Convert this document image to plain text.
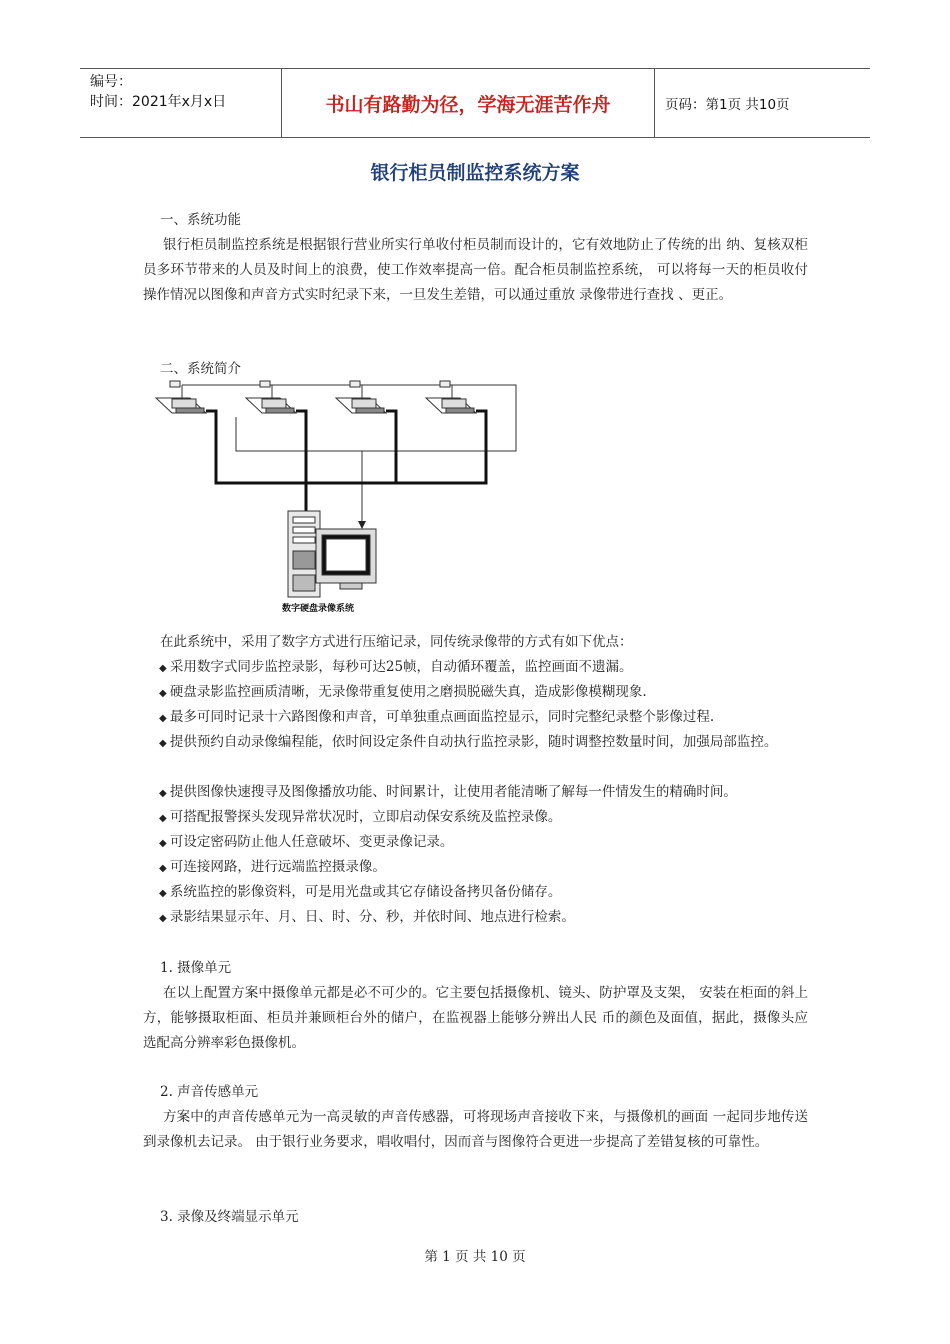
编号：
时间：2021年x月x日	书山有路勤为径，学海无涯苦作舟	页码：第1页 共10页
银行柜员制监控系统方案
一、系统功能
银行柜员制监控系统是根据银行营业所实行单收付柜员制而设计的，它有效地防止了传统的出 纳、复核双柜员多环节带来的人员及时间上的浪费，使工作效率提高一倍。配合柜员制监控系统， 可以将每一天的柜员收付操作情况以图像和声音方式实时纪录下来，一旦发生差错，可以通过重放 录像带进行查找 、更正。
二、系统简介
数字硬盘录像系统
在此系统中，采用了数字方式进行压缩记录，同传统录像带的方式有如下优点：
◆ 采用数字式同步监控录影，每秒可达25帧，自动循环覆盖，监控画面不遗漏。
◆ 硬盘录影监控画质清晰，无录像带重复使用之磨损脱磁失真，造成影像模糊现象.
◆ 最多可同时记录十六路图像和声音，可单独重点画面监控显示，同时完整纪录整个影像过程.
◆ 提供预约自动录像编程能，依时间设定条件自动执行监控录影，随时调整控数量时间，加强局部监控。
◆ 提供图像快速搜寻及图像播放功能、时间累计，让使用者能清晰了解每一件情发生的精确时间。
◆ 可搭配报警探头发现异常状况时，立即启动保安系统及监控录像。
◆ 可设定密码防止他人任意破坏、变更录像记录。
◆ 可连接网路，进行远端监控摄录像。
◆ 系统监控的影像资料，可是用光盘或其它存储设备拷贝备份储存。
◆ 录影结果显示年、月、日、时、分、秒，并依时间、地点进行检索。
1. 摄像单元
在以上配置方案中摄像单元都是必不可少的。它主要包括摄像机、镜头、防护罩及支架， 安装在柜面的斜上方，能够摄取柜面、柜员并兼顾柜台外的储户，在监视器上能够分辨出人民 币的颜色及面值，据此，摄像头应选配高分辨率彩色摄像机。
2. 声音传感单元
方案中的声音传感单元为一高灵敏的声音传感器，可将现场声音接收下来，与摄像机的画面 一起同步地传送到录像机去记录。 由于银行业务要求，唱收唱付，因而音与图像符合更进一步提高了差错复核的可靠性。
3. 录像及终端显示单元
第 1 页 共 10 页
